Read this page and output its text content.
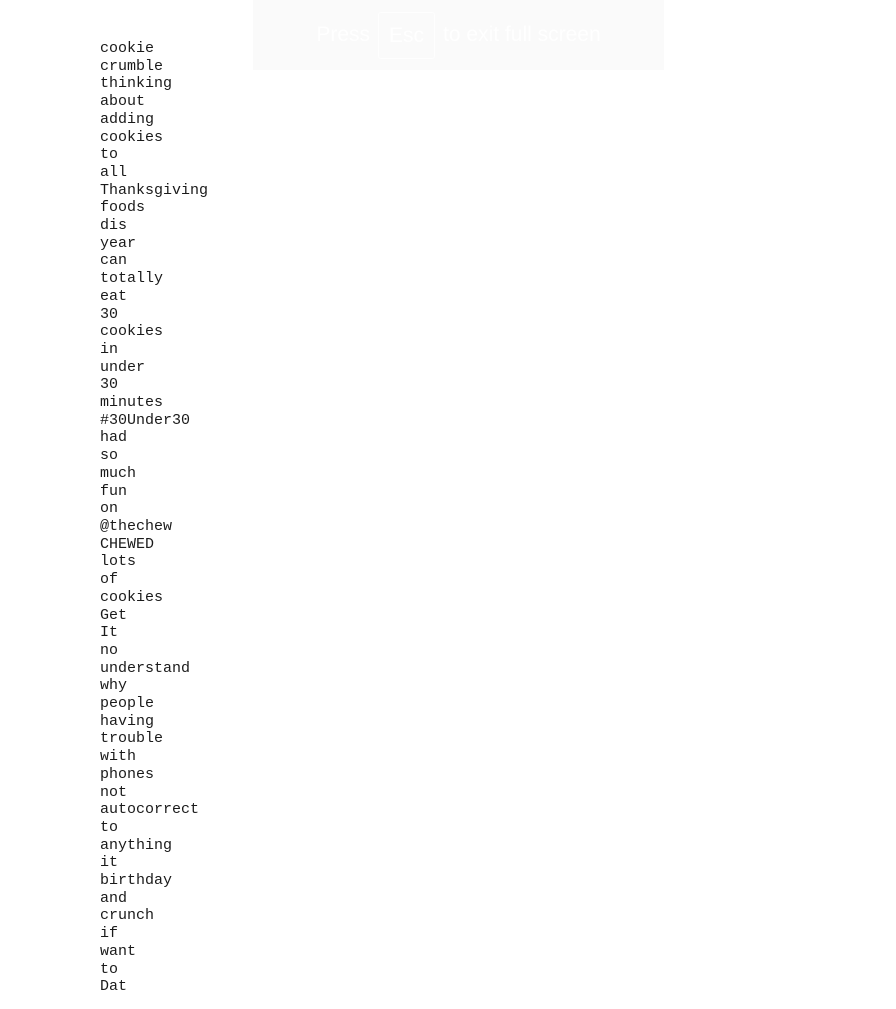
cookie
crumble
thinking
about
adding
cookies
to
all
Thanksgiving
foods
dis
year
can
totally
eat
30
cookies
in
under
30
minutes
#30Under30
had
so
much
fun
on
@thechew
CHEWED
lots
of
cookies
Get
It
no
understand
why
people
having
trouble
with
phones
not
autocorrect
to
anything
it
birthday
and
crunch
if
want
to
Dat
Press Esc to exit full screen
